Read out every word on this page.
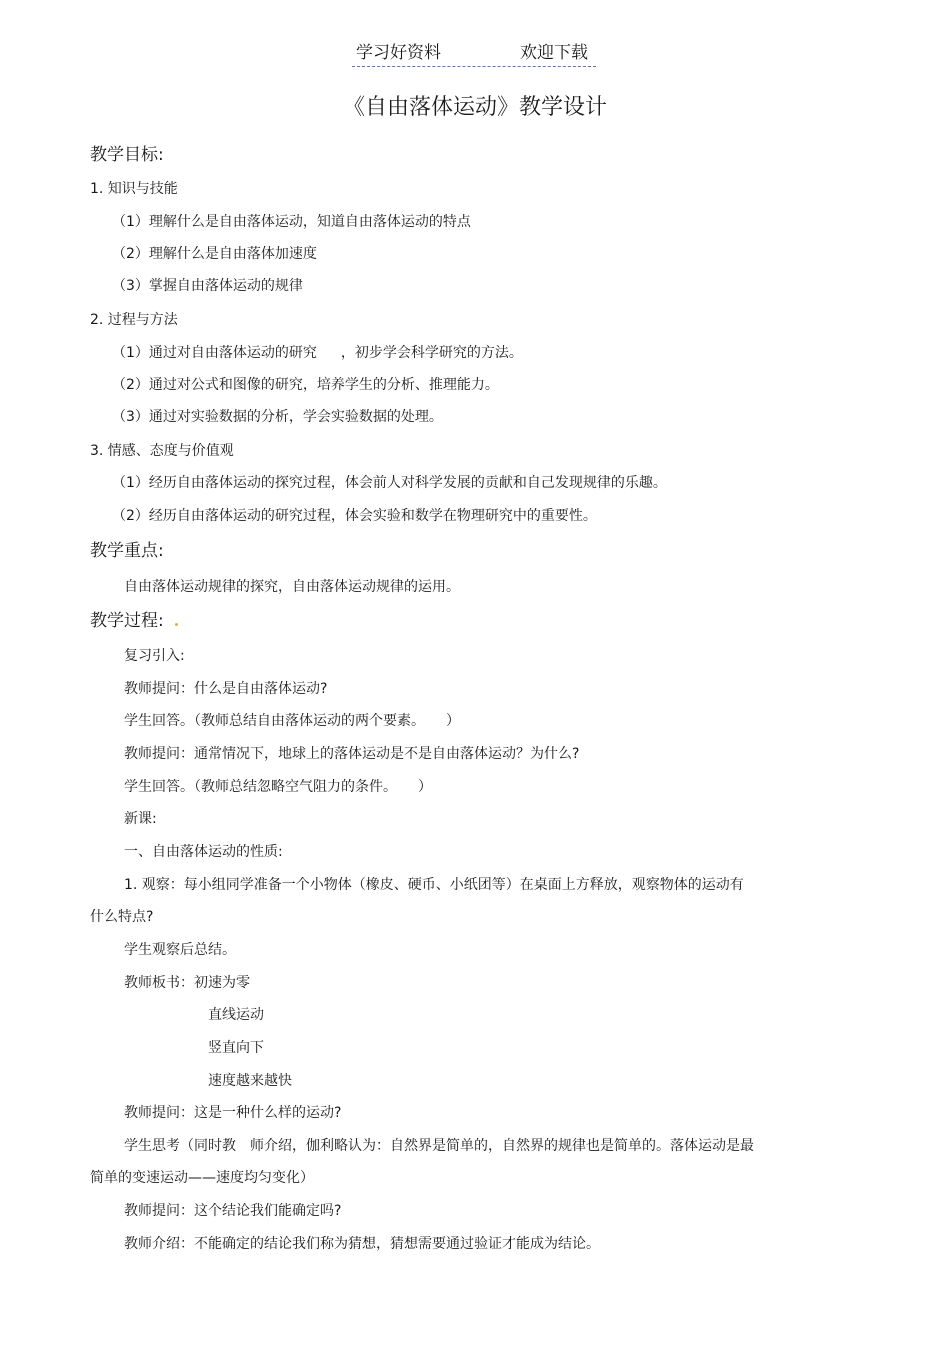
学习好资料	欢迎下载
《自由落体运动》教学设计
教学目标:
1. 知识与技能
（1）理解什么是自由落体运动，知道自由落体运动的特点
（2）理解什么是自由落体加速度
（3）掌握自由落体运动的规律
2. 过程与方法
（1）通过对自由落体运动的研究 ，初步学会科学研究的方法。
（2）通过对公式和图像的研究，培养学生的分析、推理能力。
（3）通过对实验数据的分析，学会实验数据的处理。
3. 情感、态度与价值观
（1）经历自由落体运动的探究过程，体会前人对科学发展的贡献和自己发现规律的乐趣。
（2）经历自由落体运动的研究过程，体会实验和数学在物理研究中的重要性。
教学重点:
自由落体运动规律的探究，自由落体运动规律的运用。
教学过程:
复习引入:
教师提问：什么是自由落体运动?
学生回答。（教师总结自由落体运动的两个要素。　　）
教师提问：通常情况下，地球上的落体运动是不是自由落体运动？为什么?
学生回答。（教师总结忽略空气阻力的条件。　　）
新课:
一、自由落体运动的性质:
1. 观察：每小组同学准备一个小物体（橡皮、硬币、小纸团等）在桌面上方释放，观察物体的运动有
什么特点?
学生观察后总结。
教师板书：初速为零
直线运动
竖直向下
速度越来越快
教师提问：这是一种什么样的运动?
学生思考（同时教　师介绍，伽利略认为：自然界是简单的，自然界的规律也是简单的。落体运动是最
简单的变速运动——速度均匀变化）
教师提问：这个结论我们能确定吗?
教师介绍：不能确定的结论我们称为猜想，猜想需要通过验证才能成为结论。
